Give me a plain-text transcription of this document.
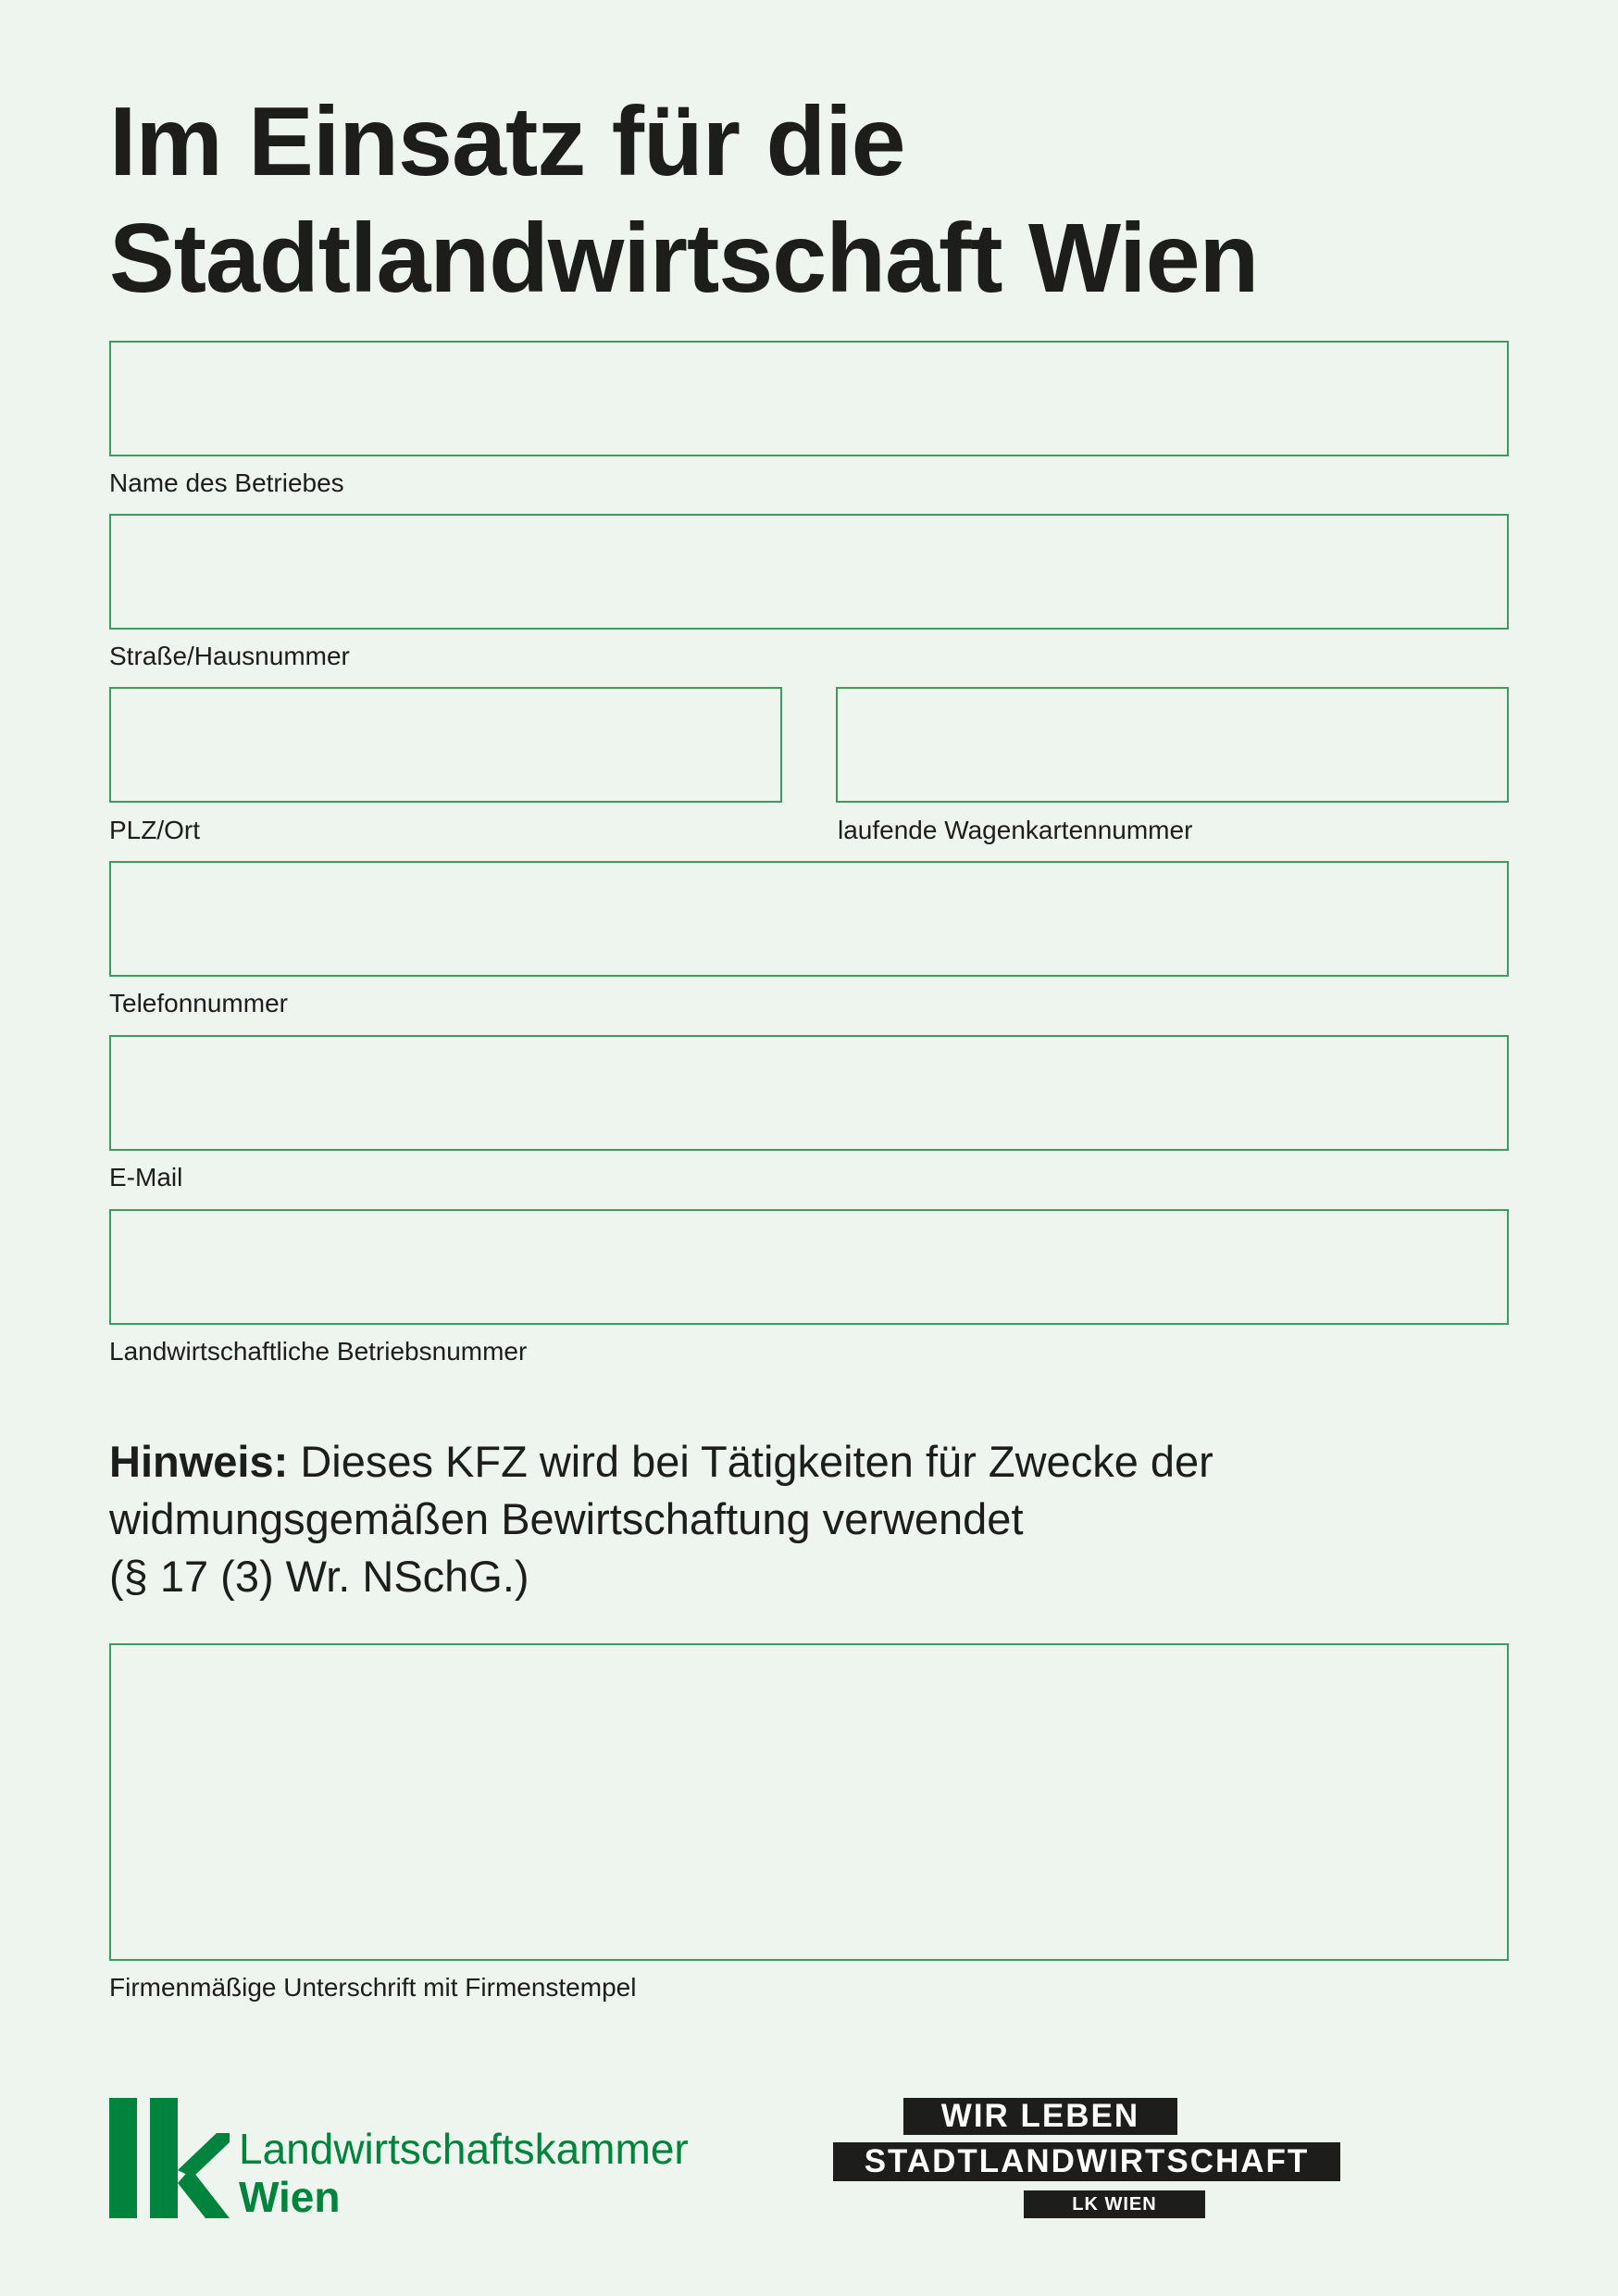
Im Einsatz für die
Stadtlandwirtschaft Wien
Name des Betriebes
Straße/Hausnummer
PLZ/Ort	laufende Wagenkartennummer
Telefonnummer
E-Mail
Landwirtschaftliche Betriebsnummer

Hinweis: Dieses KFZ wird bei Tätigkeiten für Zwecke der
widmungsgemäßen Bewirtschaftung verwendet
(§ 17 (3) Wr. NSchG.)

Firmenmäßige Unterschrift mit Firmenstempel
Landwirtschaftskammer
Wien
WIR LEBEN
STADTLANDWIRTSCHAFT
LK WIEN
